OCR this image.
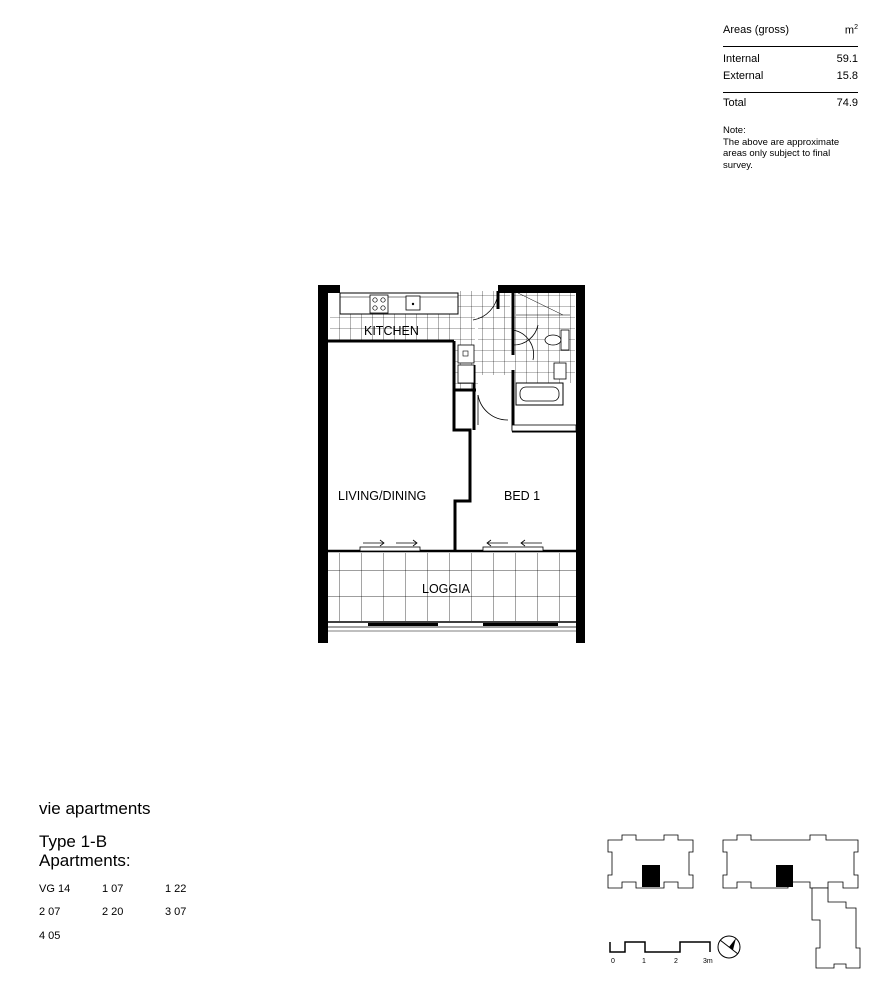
Areas (gross)	$m^2$
Internal	59.1
External	15.8
Total	74.9
Note:
The above are approximate
areas only subject to final survey.
KITCHEN
LIVING/DINING	BED 1
LOGGIA
vie apartments
Type 1-B
Apartments:
VG 14	1 07	1 22
2 07	2 20	3 07
4 05
0	1	2	3m
